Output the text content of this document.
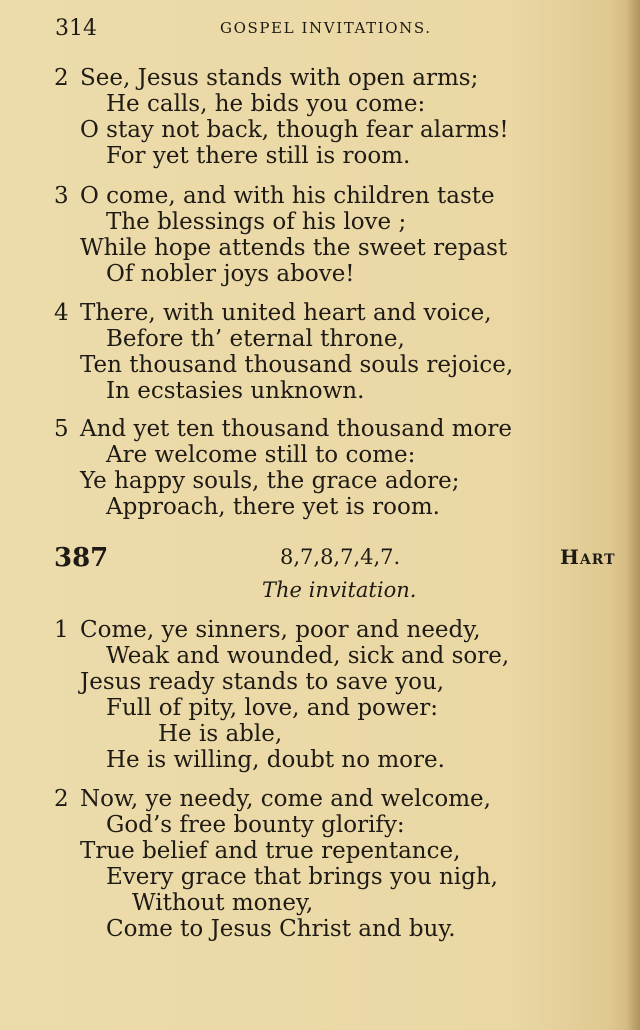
314	GOSPEL INVITATIONS.
2 See, Jesus stands with open arms;
He calls, he bids you come:
O stay not back, though fear alarms!
For yet there still is room.
3 O come, and with his children taste
The blessings of his love ;
While hope attends the sweet repast
Of nobler joys above!
4 There, with united heart and voice,
Before th’ eternal throne,
Ten thousand thousand souls rejoice,
In ecstasies unknown.
5 And yet ten thousand thousand more
Are welcome still to come:
Ye happy souls, the grace adore;
Approach, there yet is room.
387	8,7,8,7,4,7.	Hart
The invitation.
1 Come, ye sinners, poor and needy,
Weak and wounded, sick and sore,
Jesus ready stands to save you,
Full of pity, love, and power:
He is able,
He is willing, doubt no more.
2 Now, ye needy, come and welcome,
God’s free bounty glorify:
True belief and true repentance,
Every grace that brings you nigh,
Without money,
Come to Jesus Christ and buy.
